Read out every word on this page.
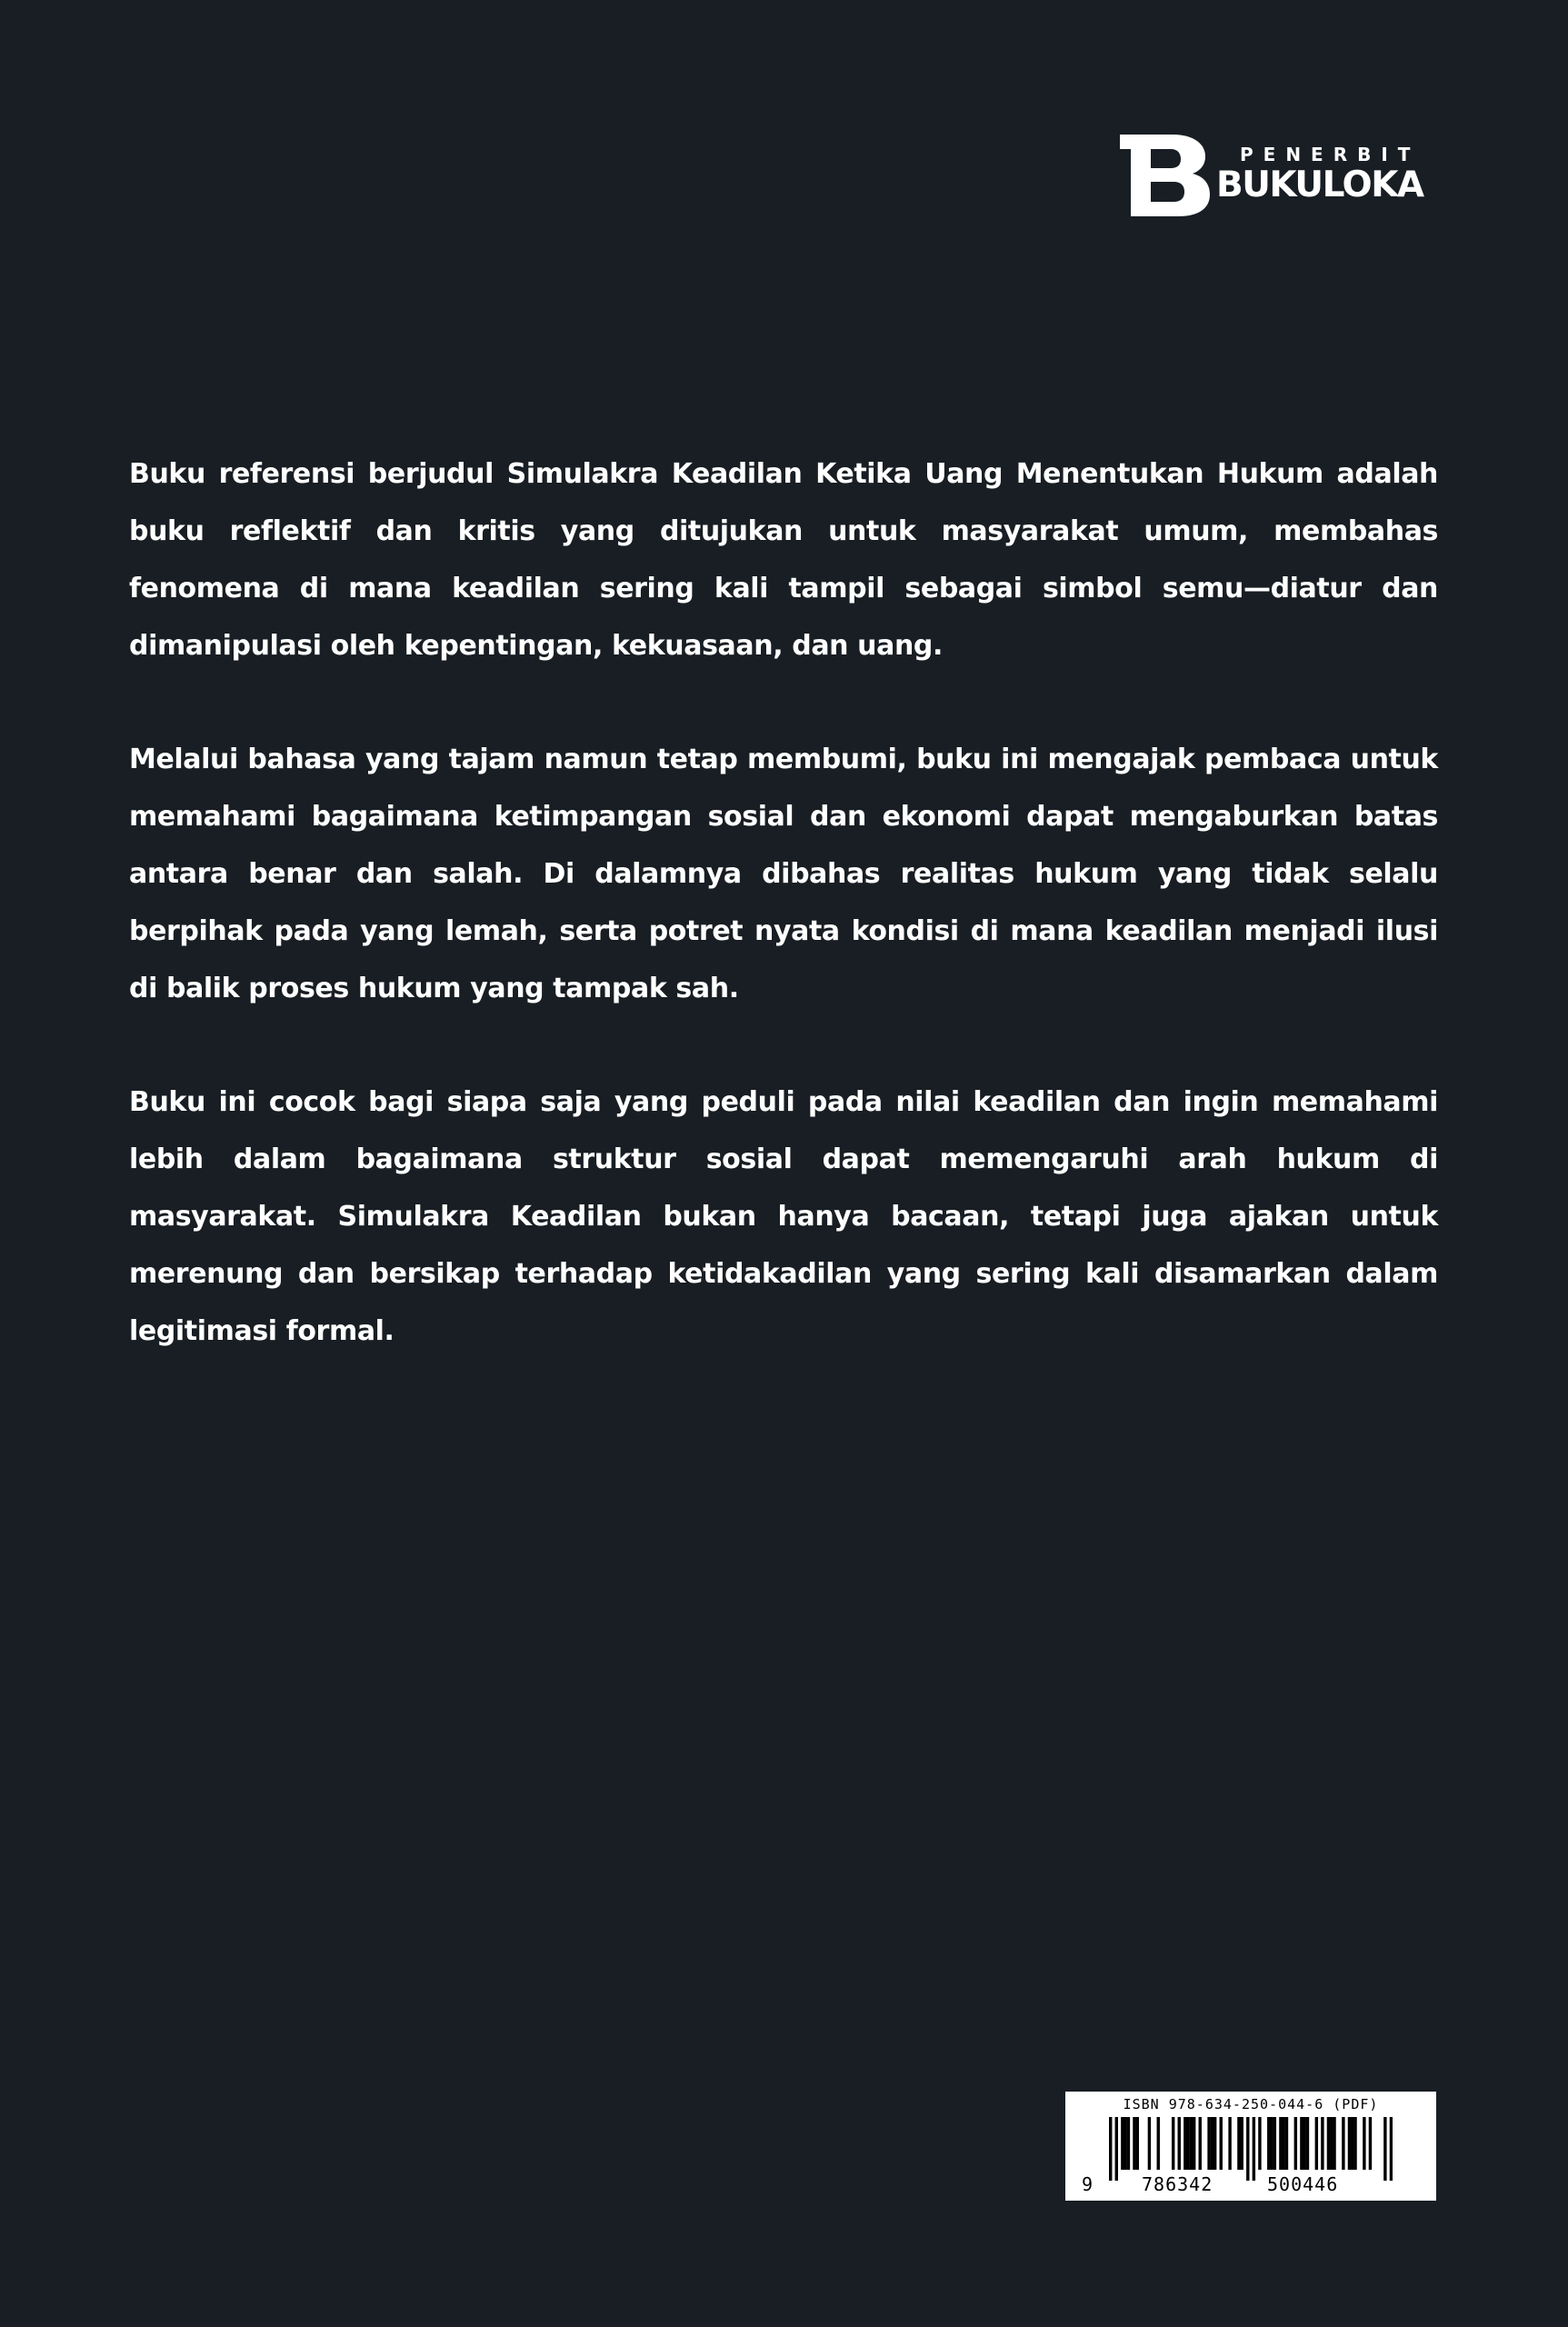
PENERBIT
BUKULOKA

Buku referensi berjudul Simulakra Keadilan Ketika Uang Menentukan Hukum adalah buku reflektif dan kritis yang ditujukan untuk masyarakat umum, membahas fenomena di mana keadilan sering kali tampil sebagai simbol semu—diatur dan dimanipulasi oleh kepentingan, kekuasaan, dan uang.

Melalui bahasa yang tajam namun tetap membumi, buku ini mengajak pembaca untuk memahami bagaimana ketimpangan sosial dan ekonomi dapat mengaburkan batas antara benar dan salah. Di dalamnya dibahas realitas hukum yang tidak selalu berpihak pada yang lemah, serta potret nyata kondisi di mana keadilan menjadi ilusi di balik proses hukum yang tampak sah.

Buku ini cocok bagi siapa saja yang peduli pada nilai keadilan dan ingin memahami lebih dalam bagaimana struktur sosial dapat memengaruhi arah hukum di masyarakat. Simulakra Keadilan bukan hanya bacaan, tetapi juga ajakan untuk merenung dan bersikap terhadap ketidakadilan yang sering kali disamarkan dalam legitimasi formal.

ISBN 978-634-250-044-6 (PDF)
9	786342	500446
